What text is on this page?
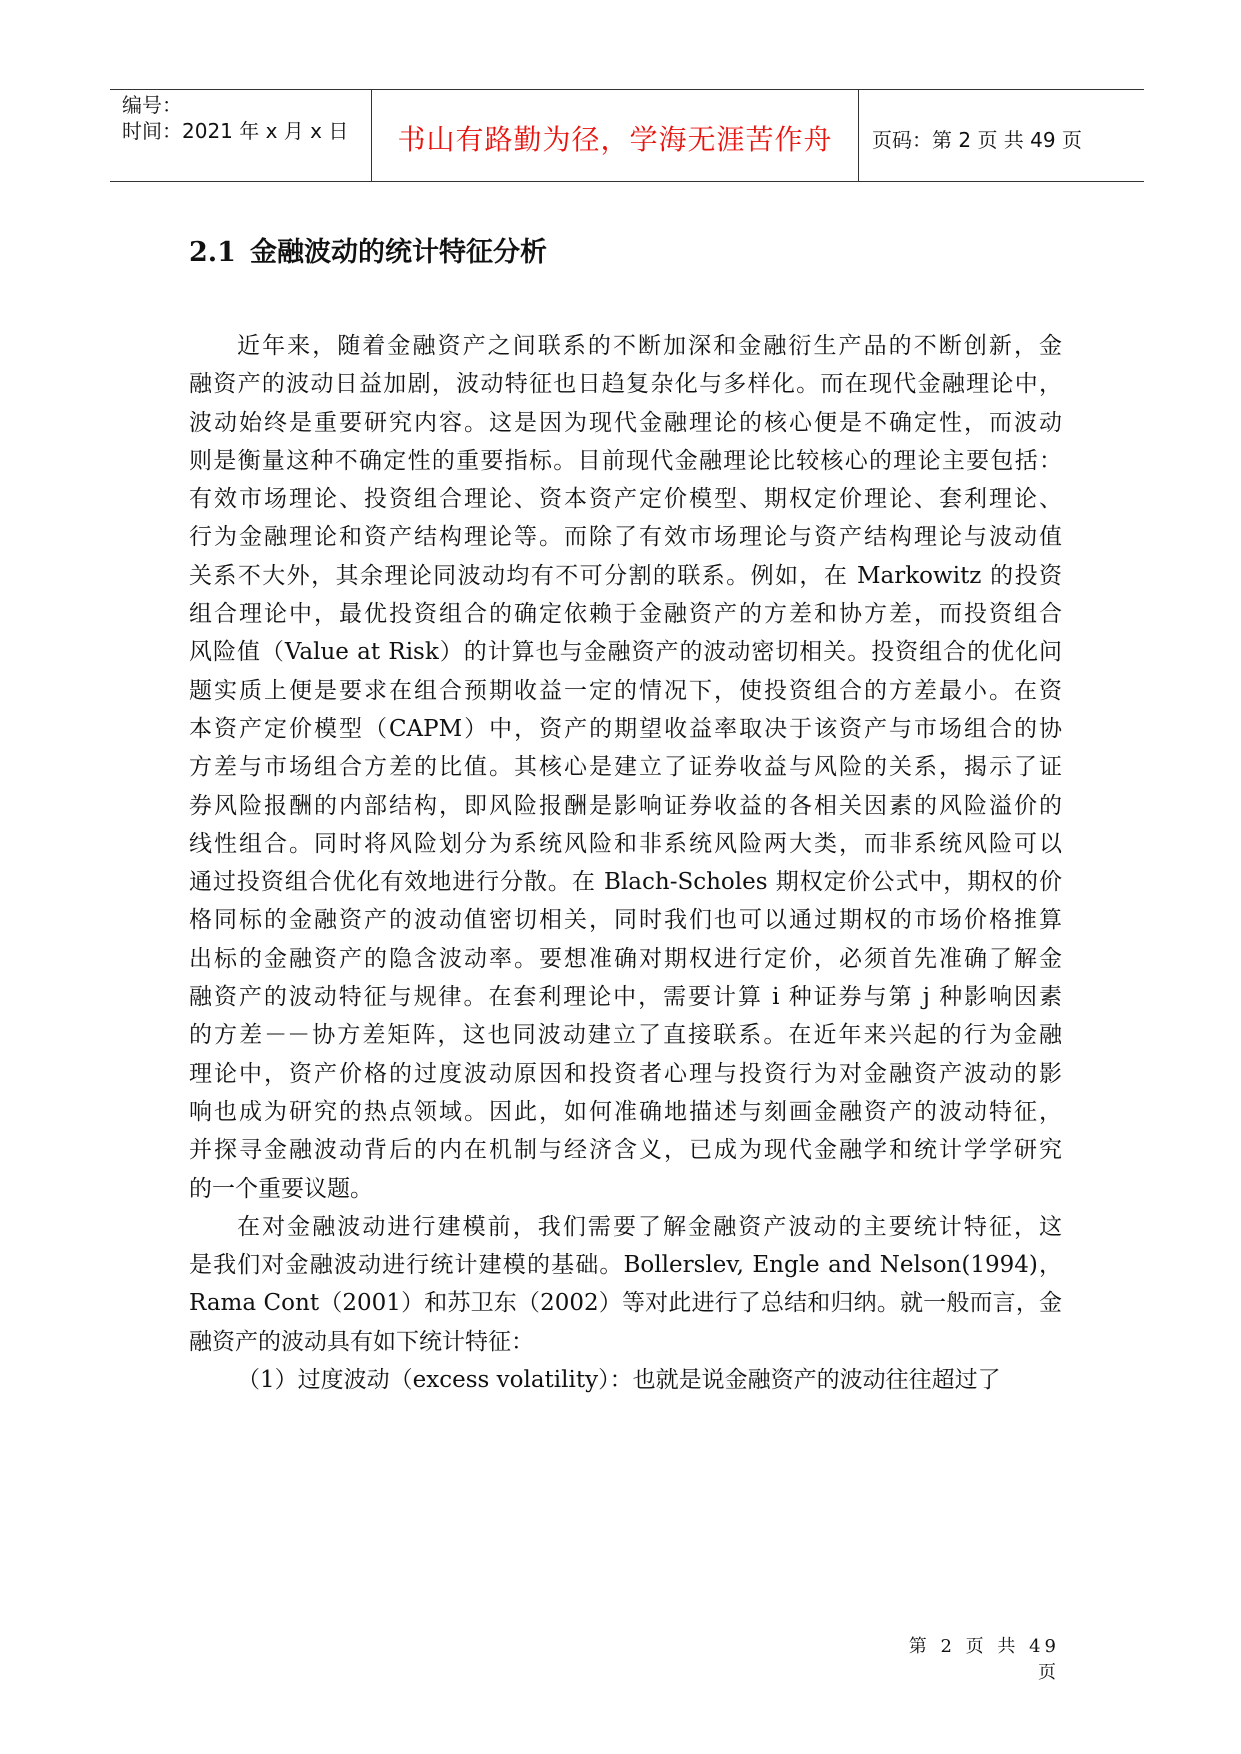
编号：
时间：2021 年 x 月 x 日	书山有路勤为径，学海无涯苦作舟	页码：第 2 页 共 49 页
2.1 金融波动的统计特征分析
近年来，随着金融资产之间联系的不断加深和金融衍生产品的不断创新，金
融资产的波动日益加剧，波动特征也日趋复杂化与多样化。而在现代金融理论中，
波动始终是重要研究内容。这是因为现代金融理论的核心便是不确定性，而波动
则是衡量这种不确定性的重要指标。目前现代金融理论比较核心的理论主要包括：
有效市场理论、投资组合理论、资本资产定价模型、期权定价理论、套利理论、
行为金融理论和资产结构理论等。而除了有效市场理论与资产结构理论与波动值
关系不大外，其余理论同波动均有不可分割的联系。例如，在 Markowitz 的投资
组合理论中，最优投资组合的确定依赖于金融资产的方差和协方差，而投资组合
风险值（Value at Risk）的计算也与金融资产的波动密切相关。投资组合的优化问
题实质上便是要求在组合预期收益一定的情况下，使投资组合的方差最小。在资
本资产定价模型（CAPM）中，资产的期望收益率取决于该资产与市场组合的协
方差与市场组合方差的比值。其核心是建立了证券收益与风险的关系，揭示了证
券风险报酬的内部结构，即风险报酬是影响证券收益的各相关因素的风险溢价的
线性组合。同时将风险划分为系统风险和非系统风险两大类，而非系统风险可以
通过投资组合优化有效地进行分散。在 Blach-Scholes 期权定价公式中，期权的价
格同标的金融资产的波动值密切相关，同时我们也可以通过期权的市场价格推算
出标的金融资产的隐含波动率。要想准确对期权进行定价，必须首先准确了解金
融资产的波动特征与规律。在套利理论中，需要计算 i 种证券与第 j 种影响因素
的方差－－协方差矩阵，这也同波动建立了直接联系。在近年来兴起的行为金融
理论中，资产价格的过度波动原因和投资者心理与投资行为对金融资产波动的影
响也成为研究的热点领域。因此，如何准确地描述与刻画金融资产的波动特征，
并探寻金融波动背后的内在机制与经济含义，已成为现代金融学和统计学学研究
的一个重要议题。
在对金融波动进行建模前，我们需要了解金融资产波动的主要统计特征，这
是我们对金融波动进行统计建模的基础。Bollerslev, Engle and Nelson(1994)，
Rama Cont（2001）和苏卫东（2002）等对此进行了总结和归纳。就一般而言，金
融资产的波动具有如下统计特征：
（1）过度波动（excess volatility）：也就是说金融资产的波动往往超过了
第 2 页 共 49 页
